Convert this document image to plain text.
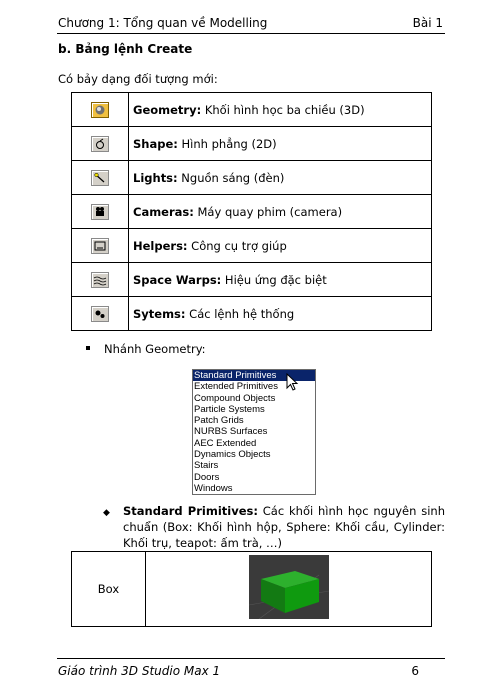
Chương 1: Tổng quan về Modelling	Bài 1
b. Bảng lệnh Create
Có bảy dạng đối tượng mới:
	Geometry: Khối hình học ba chiều (3D)

	Shape: Hình phẳng (2D)

	Lights: Nguồn sáng (đèn)

	Cameras: Máy quay phim (camera)

	Helpers: Công cụ trợ giúp

	Space Warps: Hiệu ứng đặc biệt

	Sytems: Các lệnh hệ thống
Nhánh Geometry:
Standard Primitives
Extended Primitives
Compound Objects
Particle Systems
Patch Grids
NURBS Surfaces
AEC Extended
Dynamics Objects
Stairs
Doors
Windows
◆ Standard Primitives: Các khối hình học nguyên sinh chuẩn (Box: Khối hình hộp, Sphere: Khối cầu, Cylinder: Khối trụ, teapot: ấm trà, …)
Box	
Giáo trình 3D Studio Max 1	6
